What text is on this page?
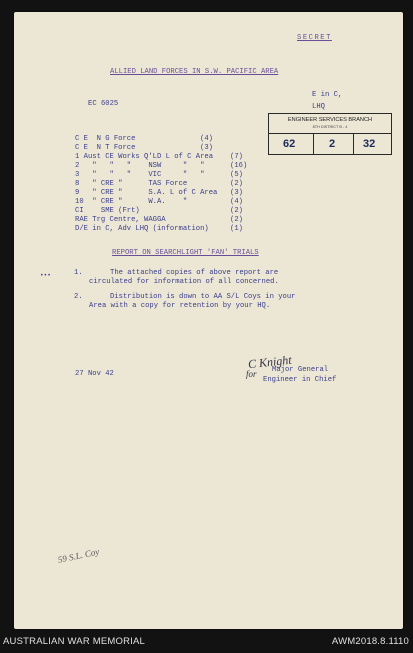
SECRET
ALLIED LAND FORCES IN S.W. PACIFIC AREA
E in C,
LHQ
EC 6025
ENGINEER SERVICES BRANCH
8TH DISTRICT B - 4
62	2	32
C E  N G Force	(4)
C E  N T Force	(3)
1 Aust CE Works Q'LD L of C Area (7)
2   "   "   "    NSW     "   "	(16)
3   "   "   "    VIC     "   "	(5)
8   " CRE "      TAS Force	(2)
9   " CRE "      S.A. L of C Area (3)
10  " CRE "      W.A.    "	(4)
CI    SME (Frt)	(2)
RAE Trg Centre, WAGGA	(2)
D/E in C, Adv LHQ (information)	(1)
REPORT ON SEARCHLIGHT 'FAN' TRIALS
•••	1.	The attached copies of above report are
circulated for information of all concerned.
2.	Distribution is down to AA S/L Coys in your
Area with a copy for retention by your HQ.
C Knight
for Major General
Engineer in Chief
27 Nov 42
59 S.L. Coy
AUSTRALIAN WAR MEMORIAL	AWM2018.8.1110
